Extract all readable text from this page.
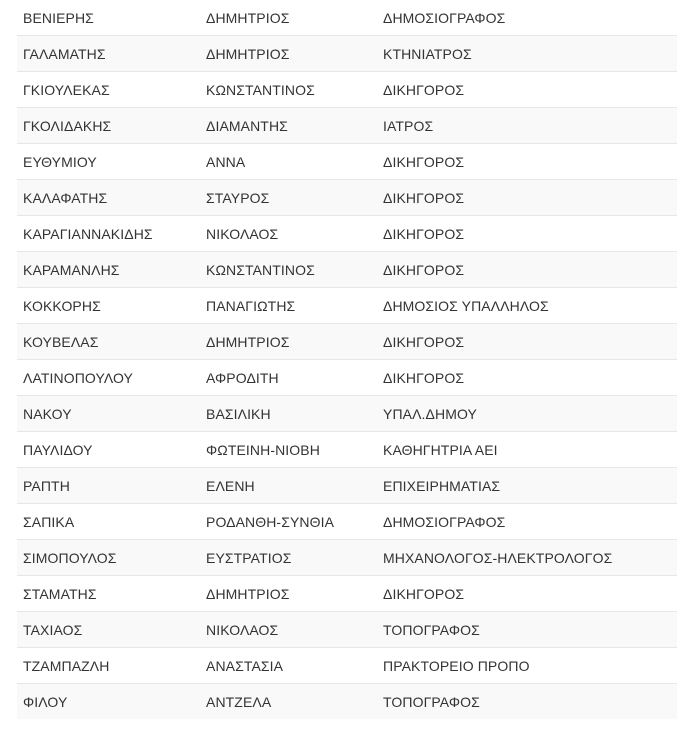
ΒΕΝΙΕΡΗΣ	ΔΗΜΗΤΡΙΟΣ	ΔΗΜΟΣΙΟΓΡΑΦΟΣ
ΓΑΛΑΜΑΤΗΣ	ΔΗΜΗΤΡΙΟΣ	ΚΤΗΝΙΑΤΡΟΣ
ΓΚΙΟΥΛΕΚΑΣ	ΚΩΝΣΤΑΝΤΙΝΟΣ	ΔΙΚΗΓΟΡΟΣ
ΓΚΟΛΙΔΑΚΗΣ	ΔΙΑΜΑΝΤΗΣ	ΙΑΤΡΟΣ
ΕΥΘΥΜΙΟΥ	ΑΝΝΑ	ΔΙΚΗΓΟΡΟΣ
ΚΑΛΑΦΑΤΗΣ	ΣΤΑΥΡΟΣ	ΔΙΚΗΓΟΡΟΣ
ΚΑΡΑΓΙΑΝΝΑΚΙΔΗΣ	ΝΙΚΟΛΑΟΣ	ΔΙΚΗΓΟΡΟΣ
ΚΑΡΑΜΑΝΛΗΣ	ΚΩΝΣΤΑΝΤΙΝΟΣ	ΔΙΚΗΓΟΡΟΣ
ΚΟΚΚΟΡΗΣ	ΠΑΝΑΓΙΩΤΗΣ	ΔΗΜΟΣΙΟΣ ΥΠΑΛΛΗΛΟΣ
ΚΟΥΒΕΛΑΣ	ΔΗΜΗΤΡΙΟΣ	ΔΙΚΗΓΟΡΟΣ
ΛΑΤΙΝΟΠΟΥΛΟΥ	ΑΦΡΟΔΙΤΗ	ΔΙΚΗΓΟΡΟΣ
ΝΑΚΟΥ	ΒΑΣΙΛΙΚΗ	ΥΠΑΛ.ΔΗΜΟΥ
ΠΑΥΛΙΔΟΥ	ΦΩΤΕΙΝΗ-ΝΙΟΒΗ	ΚΑΘΗΓΗΤΡΙΑ ΑΕΙ
ΡΑΠΤΗ	ΕΛΕΝΗ	ΕΠΙΧΕΙΡΗΜΑΤΙΑΣ
ΣΑΠΙΚΑ	ΡΟΔΑΝΘΗ-ΣΥΝΘΙΑ	ΔΗΜΟΣΙΟΓΡΑΦΟΣ
ΣΙΜΟΠΟΥΛΟΣ	ΕΥΣΤΡΑΤΙΟΣ	ΜΗΧΑΝΟΛΟΓΟΣ-ΗΛΕΚΤΡΟΛΟΓΟΣ
ΣΤΑΜΑΤΗΣ	ΔΗΜΗΤΡΙΟΣ	ΔΙΚΗΓΟΡΟΣ
ΤΑΧΙΑΟΣ	ΝΙΚΟΛΑΟΣ	ΤΟΠΟΓΡΑΦΟΣ
ΤΖΑΜΠΑΖΛΗ	ΑΝΑΣΤΑΣΙΑ	ΠΡΑΚΤΟΡΕΙΟ ΠΡΟΠΟ
ΦΙΛΟΥ	ΑΝΤΖΕΛΑ	ΤΟΠΟΓΡΑΦΟΣ
